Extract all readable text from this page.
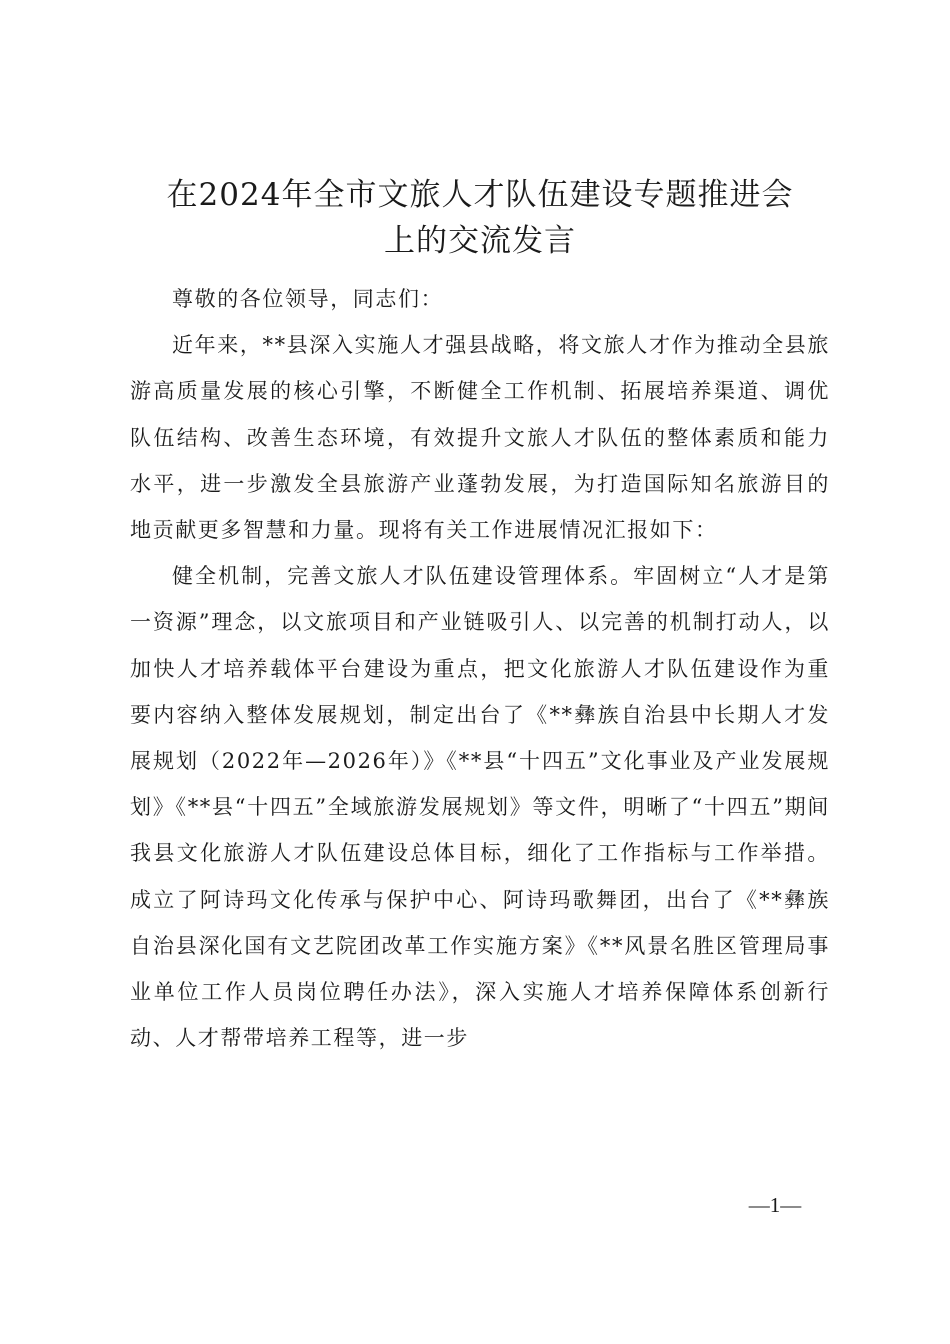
在2024年全市文旅人才队伍建设专题推进会
上的交流发言

尊敬的各位领导，同志们：

近年来，**县深入实施人才强县战略，将文旅人才作为推动全县旅游高质量发展的核心引擎，不断健全工作机制、拓展培养渠道、调优队伍结构、改善生态环境，有效提升文旅人才队伍的整体素质和能力水平，进一步激发全县旅游产业蓬勃发展，为打造国际知名旅游目的地贡献更多智慧和力量。现将有关工作进展情况汇报如下：

健全机制，完善文旅人才队伍建设管理体系。牢固树立“人才是第一资源”理念，以文旅项目和产业链吸引人、以完善的机制打动人，以加快人才培养载体平台建设为重点，把文化旅游人才队伍建设作为重要内容纳入整体发展规划，制定出台了《**彝族自治县中长期人才发展规划（2022年—2026年）》《**县“十四五”文化事业及产业发展规划》《**县“十四五”全域旅游发展规划》等文件，明晰了“十四五”期间我县文化旅游人才队伍建设总体目标，细化了工作指标与工作举措。成立了阿诗玛文化传承与保护中心、阿诗玛歌舞团，出台了《**彝族自治县深化国有文艺院团改革工作实施方案》《**风景名胜区管理局事业单位工作人员岗位聘任办法》，深入实施人才培养保障体系创新行动、人才帮带培养工程等，进一步

—1—
